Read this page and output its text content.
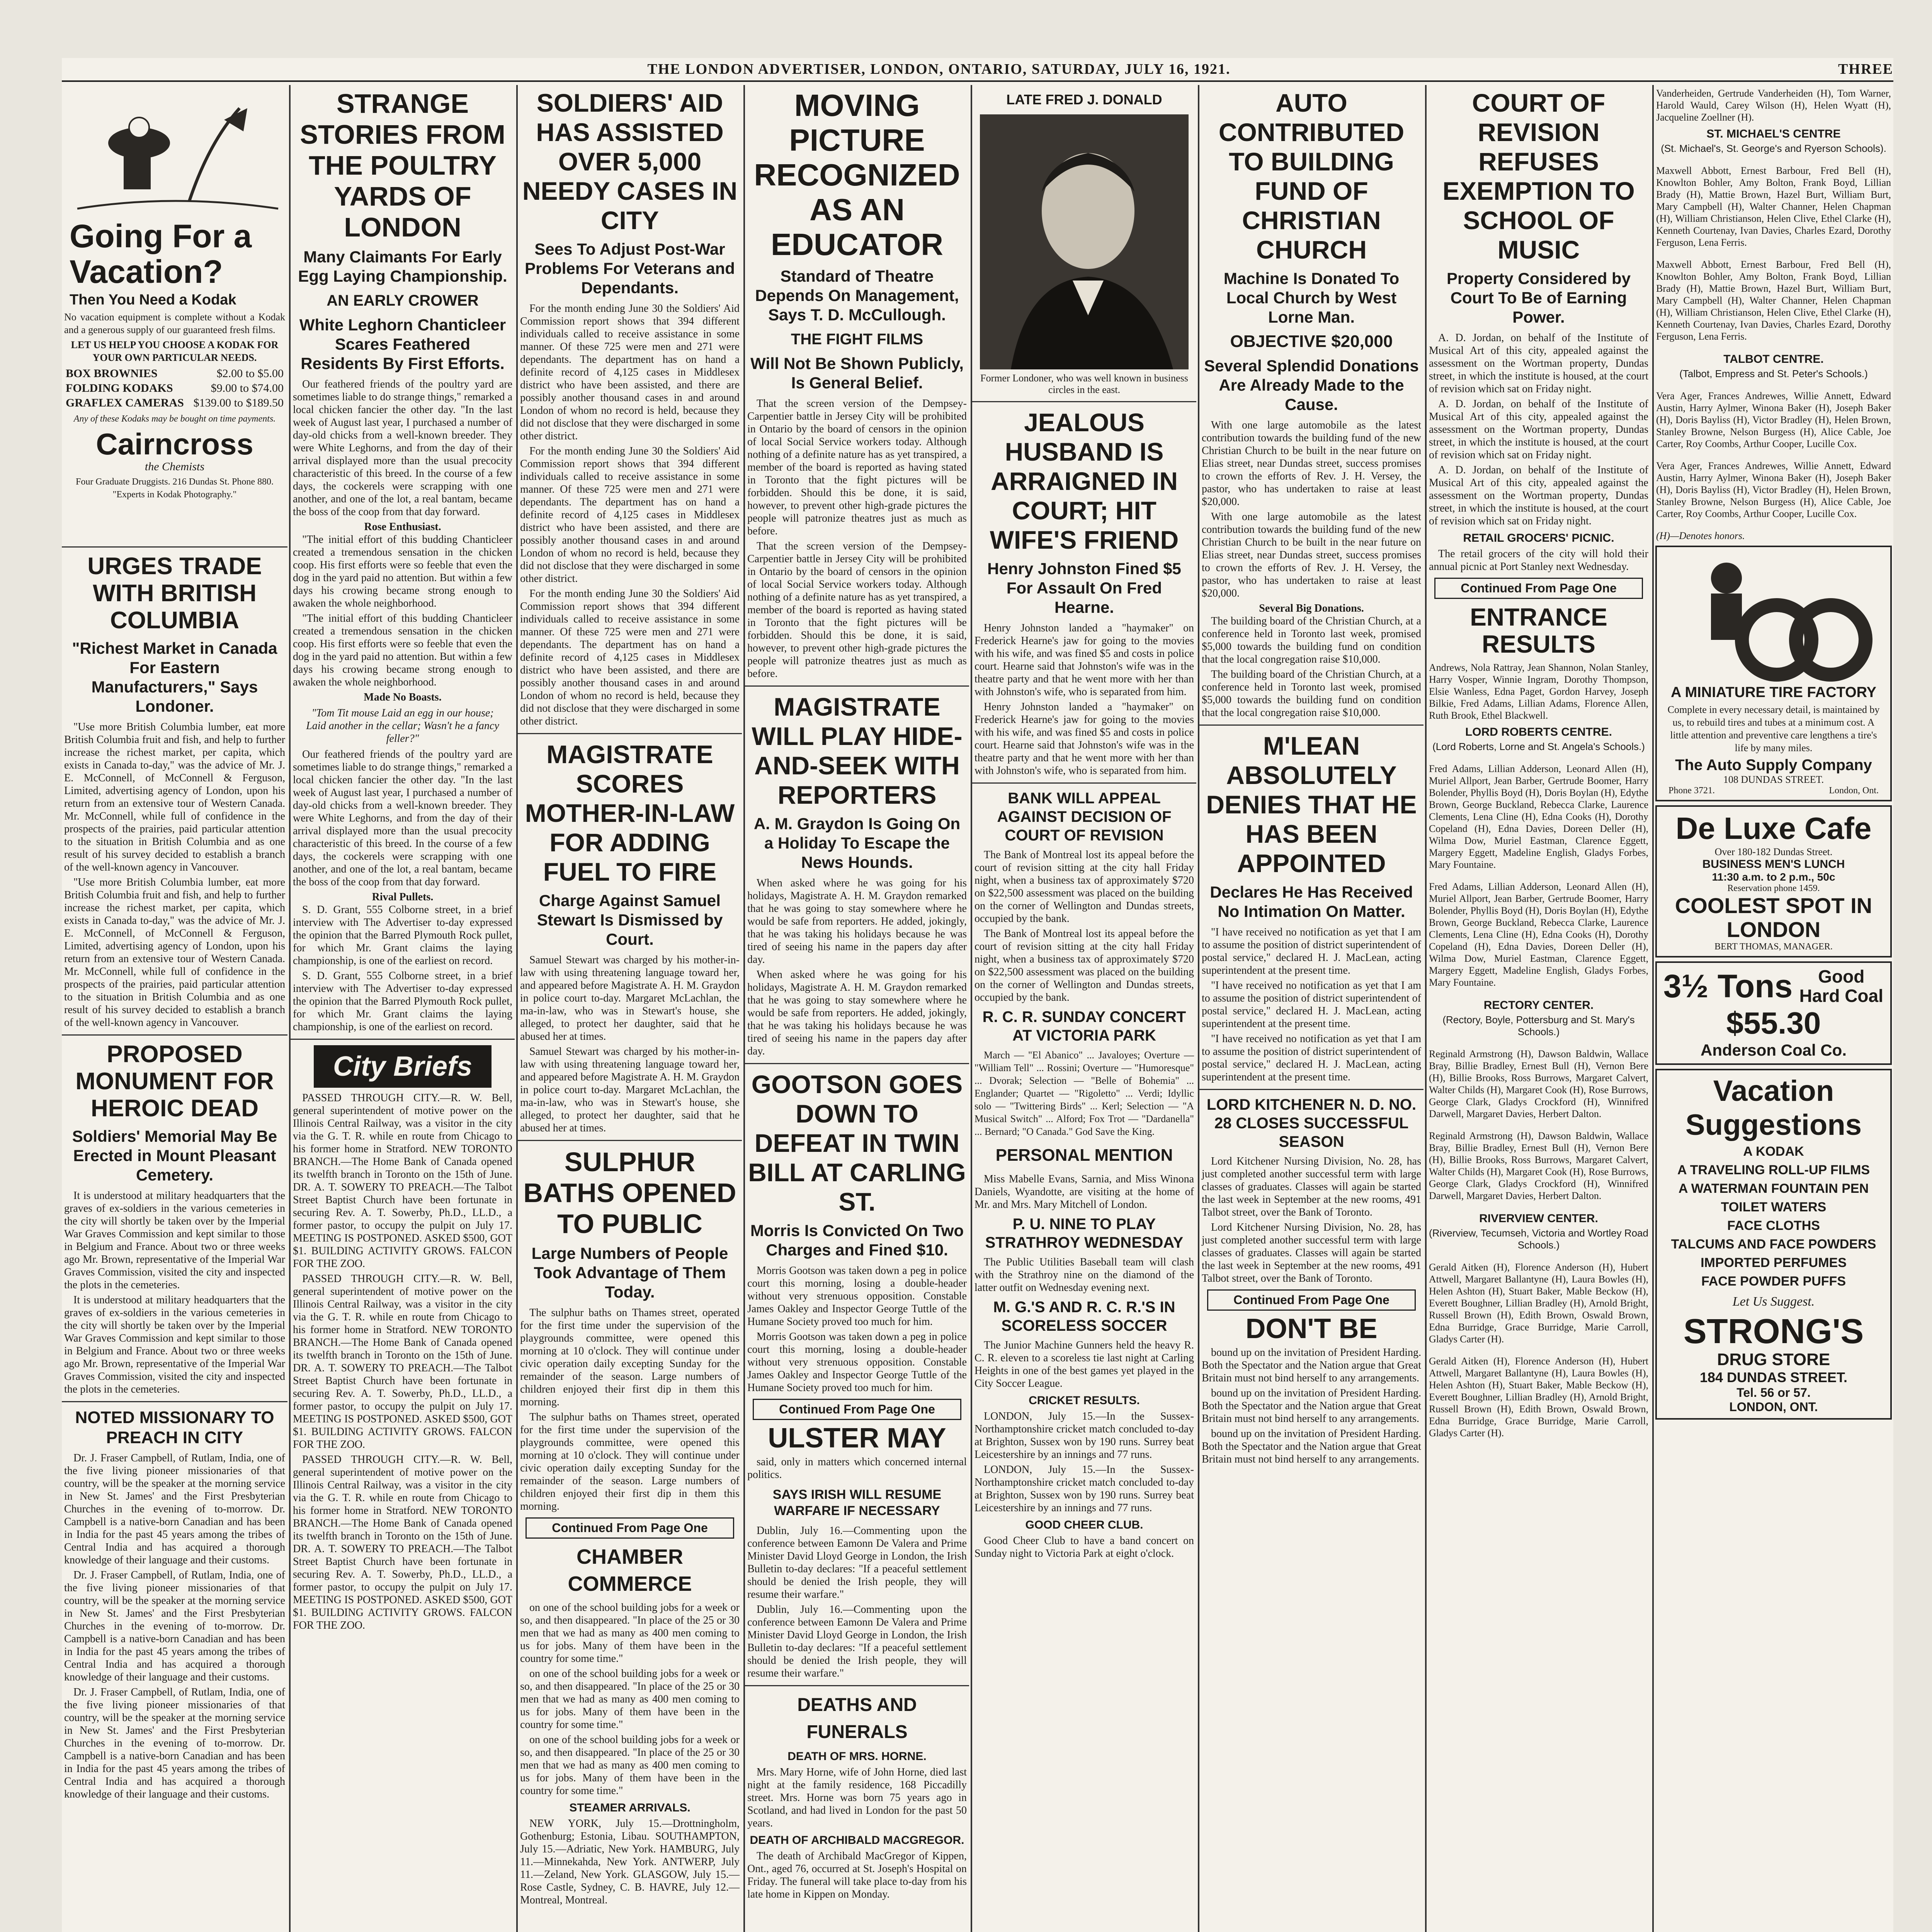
THE LONDON ADVERTISER, LONDON, ONTARIO, SATURDAY, JULY 16, 1921.	THREE
Going For a Vacation?
Then You Need a Kodak
No vacation equipment is complete without a Kodak and a generous supply of our guaranteed fresh films.
LET US HELP YOU CHOOSE A KODAK FOR YOUR OWN PARTICULAR NEEDS.
BOX BROWNIES	$2.00 to $5.00
FOLDING KODAKS	$9.00 to $74.00
GRAFLEX CAMERAS $139.00 to $189.50
Any of these Kodaks may be bought on time payments.
Cairncross
the Chemists
Four Graduate Druggists. 216 Dundas St. Phone 880. "Experts in Kodak Photography."
URGES TRADE WITH BRITISH COLUMBIA
"Richest Market in Canada For Eastern Manufacturers," Says Londoner.

"Use more British Columbia lumber, eat more British Columbia fruit and fish, and help to further increase the richest market, per capita, which exists in Canada to-day," was the advice of Mr. J. E. McConnell, of McConnell & Ferguson, Limited, advertising agency of London, upon his return from an extensive tour of Western Canada. Mr. McConnell, while full of confidence in the prospects of the prairies, paid particular attention to the situation in British Columbia and as one result of his survey decided to establish a branch of the well-known agency in Vancouver.

"Use more British Columbia lumber, eat more British Columbia fruit and fish, and help to further increase the richest market, per capita, which exists in Canada to-day," was the advice of Mr. J. E. McConnell, of McConnell & Ferguson, Limited, advertising agency of London, upon his return from an extensive tour of Western Canada. Mr. McConnell, while full of confidence in the prospects of the prairies, paid particular attention to the situation in British Columbia and as one result of his survey decided to establish a branch of the well-known agency in Vancouver.

PROPOSED MONUMENT FOR HEROIC DEAD
Soldiers' Memorial May Be Erected in Mount Pleasant Cemetery.

It is understood at military headquarters that the graves of ex-soldiers in the various cemeteries in the city will shortly be taken over by the Imperial War Graves Commission and kept similar to those in Belgium and France. About two or three weeks ago Mr. Brown, representative of the Imperial War Graves Commission, visited the city and inspected the plots in the cemeteries.

It is understood at military headquarters that the graves of ex-soldiers in the various cemeteries in the city will shortly be taken over by the Imperial War Graves Commission and kept similar to those in Belgium and France. About two or three weeks ago Mr. Brown, representative of the Imperial War Graves Commission, visited the city and inspected the plots in the cemeteries.

NOTED MISSIONARY TO PREACH IN CITY

Dr. J. Fraser Campbell, of Rutlam, India, one of the five living pioneer missionaries of that country, will be the speaker at the morning service in New St. James' and the First Presbyterian Churches in the evening of to-morrow. Dr. Campbell is a native-born Canadian and has been in India for the past 45 years among the tribes of Central India and has acquired a thorough knowledge of their language and their customs.

Dr. J. Fraser Campbell, of Rutlam, India, one of the five living pioneer missionaries of that country, will be the speaker at the morning service in New St. James' and the First Presbyterian Churches in the evening of to-morrow. Dr. Campbell is a native-born Canadian and has been in India for the past 45 years among the tribes of Central India and has acquired a thorough knowledge of their language and their customs.

Dr. J. Fraser Campbell, of Rutlam, India, one of the five living pioneer missionaries of that country, will be the speaker at the morning service in New St. James' and the First Presbyterian Churches in the evening of to-morrow. Dr. Campbell is a native-born Canadian and has been in India for the past 45 years among the tribes of Central India and has acquired a thorough knowledge of their language and their customs.

STRANGE STORIES FROM THE POULTRY YARDS OF LONDON
Many Claimants For Early Egg Laying Championship.
AN EARLY CROWER
White Leghorn Chanticleer Scares Feathered Residents By First Efforts.

Our feathered friends of the poultry yard are sometimes liable to do strange things," remarked a local chicken fancier the other day. "In the last week of August last year, I purchased a number of day-old chicks from a well-known breeder. They were White Leghorns, and from the day of their arrival displayed more than the usual precocity characteristic of this breed. In the course of a few days, the cockerels were scrapping with one another, and one of the lot, a real bantam, became the boss of the coop from that day forward.

Rose Enthusiast.

"The initial effort of this budding Chanticleer created a tremendous sensation in the chicken coop. His first efforts were so feeble that even the dog in the yard paid no attention. But within a few days his crowing became strong enough to awaken the whole neighborhood.

"The initial effort of this budding Chanticleer created a tremendous sensation in the chicken coop. His first efforts were so feeble that even the dog in the yard paid no attention. But within a few days his crowing became strong enough to awaken the whole neighborhood.

Made No Boasts.
"Tom Tit mouse Laid an egg in our house; Laid another in the cellar; Wasn't he a fancy feller?"

Our feathered friends of the poultry yard are sometimes liable to do strange things," remarked a local chicken fancier the other day. "In the last week of August last year, I purchased a number of day-old chicks from a well-known breeder. They were White Leghorns, and from the day of their arrival displayed more than the usual precocity characteristic of this breed. In the course of a few days, the cockerels were scrapping with one another, and one of the lot, a real bantam, became the boss of the coop from that day forward.

Rival Pullets.

S. D. Grant, 555 Colborne street, in a brief interview with The Advertiser to-day expressed the opinion that the Barred Plymouth Rock pullet, for which Mr. Grant claims the laying championship, is one of the earliest on record.

S. D. Grant, 555 Colborne street, in a brief interview with The Advertiser to-day expressed the opinion that the Barred Plymouth Rock pullet, for which Mr. Grant claims the laying championship, is one of the earliest on record.

City Briefs

PASSED THROUGH CITY.—R. W. Bell, general superintendent of motive power on the Illinois Central Railway, was a visitor in the city via the G. T. R. while en route from Chicago to his former home in Stratford. NEW TORONTO BRANCH.—The Home Bank of Canada opened its twelfth branch in Toronto on the 15th of June. DR. A. T. SOWERY TO PREACH.—The Talbot Street Baptist Church have been fortunate in securing Rev. A. T. Sowerby, Ph.D., LL.D., a former pastor, to occupy the pulpit on July 17. MEETING IS POSTPONED. ASKED $500, GOT $1. BUILDING ACTIVITY GROWS. FALCON FOR THE ZOO.

PASSED THROUGH CITY.—R. W. Bell, general superintendent of motive power on the Illinois Central Railway, was a visitor in the city via the G. T. R. while en route from Chicago to his former home in Stratford. NEW TORONTO BRANCH.—The Home Bank of Canada opened its twelfth branch in Toronto on the 15th of June. DR. A. T. SOWERY TO PREACH.—The Talbot Street Baptist Church have been fortunate in securing Rev. A. T. Sowerby, Ph.D., LL.D., a former pastor, to occupy the pulpit on July 17. MEETING IS POSTPONED. ASKED $500, GOT $1. BUILDING ACTIVITY GROWS. FALCON FOR THE ZOO.

PASSED THROUGH CITY.—R. W. Bell, general superintendent of motive power on the Illinois Central Railway, was a visitor in the city via the G. T. R. while en route from Chicago to his former home in Stratford. NEW TORONTO BRANCH.—The Home Bank of Canada opened its twelfth branch in Toronto on the 15th of June. DR. A. T. SOWERY TO PREACH.—The Talbot Street Baptist Church have been fortunate in securing Rev. A. T. Sowerby, Ph.D., LL.D., a former pastor, to occupy the pulpit on July 17. MEETING IS POSTPONED. ASKED $500, GOT $1. BUILDING ACTIVITY GROWS. FALCON FOR THE ZOO.

SOLDIERS' AID HAS ASSISTED OVER 5,000 NEEDY CASES IN CITY
Sees To Adjust Post-War Problems For Veterans and Dependants.

For the month ending June 30 the Soldiers' Aid Commission report shows that 394 different individuals called to receive assistance in some manner. Of these 725 were men and 271 were dependants. The department has on hand a definite record of 4,125 cases in Middlesex district who have been assisted, and there are possibly another thousand cases in and around London of whom no record is held, because they did not disclose that they were discharged in some other district.

For the month ending June 30 the Soldiers' Aid Commission report shows that 394 different individuals called to receive assistance in some manner. Of these 725 were men and 271 were dependants. The department has on hand a definite record of 4,125 cases in Middlesex district who have been assisted, and there are possibly another thousand cases in and around London of whom no record is held, because they did not disclose that they were discharged in some other district.

For the month ending June 30 the Soldiers' Aid Commission report shows that 394 different individuals called to receive assistance in some manner. Of these 725 were men and 271 were dependants. The department has on hand a definite record of 4,125 cases in Middlesex district who have been assisted, and there are possibly another thousand cases in and around London of whom no record is held, because they did not disclose that they were discharged in some other district.

MAGISTRATE SCORES MOTHER-IN-LAW FOR ADDING FUEL TO FIRE
Charge Against Samuel Stewart Is Dismissed by Court.

Samuel Stewart was charged by his mother-in-law with using threatening language toward her, and appeared before Magistrate A. H. M. Graydon in police court to-day. Margaret McLachlan, the ma-in-law, who was in Stewart's house, she alleged, to protect her daughter, said that he abused her at times.

Samuel Stewart was charged by his mother-in-law with using threatening language toward her, and appeared before Magistrate A. H. M. Graydon in police court to-day. Margaret McLachlan, the ma-in-law, who was in Stewart's house, she alleged, to protect her daughter, said that he abused her at times.

SULPHUR BATHS OPENED TO PUBLIC
Large Numbers of People Took Advantage of Them Today.

The sulphur baths on Thames street, operated for the first time under the supervision of the playgrounds committee, were opened this morning at 10 o'clock. They will continue under civic operation daily excepting Sunday for the remainder of the season. Large numbers of children enjoyed their first dip in them this morning.

The sulphur baths on Thames street, operated for the first time under the supervision of the playgrounds committee, were opened this morning at 10 o'clock. They will continue under civic operation daily excepting Sunday for the remainder of the season. Large numbers of children enjoyed their first dip in them this morning.

Continued From Page One
CHAMBER COMMERCE

on one of the school building jobs for a week or so, and then disappeared. "In place of the 25 or 30 men that we had as many as 400 men coming to us for jobs. Many of them have been in the country for some time."

on one of the school building jobs for a week or so, and then disappeared. "In place of the 25 or 30 men that we had as many as 400 men coming to us for jobs. Many of them have been in the country for some time."

on one of the school building jobs for a week or so, and then disappeared. "In place of the 25 or 30 men that we had as many as 400 men coming to us for jobs. Many of them have been in the country for some time."

STEAMER ARRIVALS.

NEW YORK, July 15.—Drottningholm, Gothenburg; Estonia, Libau. SOUTHAMPTON, July 15.—Adriatic, New York. HAMBURG, July 11.—Minnekahda, New York. ANTWERP, July 11.—Zeland, New York. GLASGOW, July 15.—Rose Castle, Sydney, C. B. HAVRE, July 12.—Montreal, Montreal.

MOVING PICTURE RECOGNIZED AS AN EDUCATOR
Standard of Theatre Depends On Management, Says T. D. McCullough.
THE FIGHT FILMS
Will Not Be Shown Publicly, Is General Belief.

That the screen version of the Dempsey-Carpentier battle in Jersey City will be prohibited in Ontario by the board of censors in the opinion of local Social Service workers today. Although nothing of a definite nature has as yet transpired, a member of the board is reported as having stated in Toronto that the fight pictures will be forbidden. Should this be done, it is said, however, to prevent other high-grade pictures the people will patronize theatres just as much as before.

That the screen version of the Dempsey-Carpentier battle in Jersey City will be prohibited in Ontario by the board of censors in the opinion of local Social Service workers today. Although nothing of a definite nature has as yet transpired, a member of the board is reported as having stated in Toronto that the fight pictures will be forbidden. Should this be done, it is said, however, to prevent other high-grade pictures the people will patronize theatres just as much as before.

MAGISTRATE WILL PLAY HIDE-AND-SEEK WITH REPORTERS
A. M. Graydon Is Going On a Holiday To Escape the News Hounds.

When asked where he was going for his holidays, Magistrate A. H. M. Graydon remarked that he was going to stay somewhere where he would be safe from reporters. He added, jokingly, that he was taking his holidays because he was tired of seeing his name in the papers day after day.

When asked where he was going for his holidays, Magistrate A. H. M. Graydon remarked that he was going to stay somewhere where he would be safe from reporters. He added, jokingly, that he was taking his holidays because he was tired of seeing his name in the papers day after day.

GOOTSON GOES DOWN TO DEFEAT IN TWIN BILL AT CARLING ST.
Morris Is Convicted On Two Charges and Fined $10.

Morris Gootson was taken down a peg in police court this morning, losing a double-header without very strenuous opposition. Constable James Oakley and Inspector George Tuttle of the Humane Society proved too much for him.

Morris Gootson was taken down a peg in police court this morning, losing a double-header without very strenuous opposition. Constable James Oakley and Inspector George Tuttle of the Humane Society proved too much for him.

Continued From Page One
ULSTER MAY

said, only in matters which concerned internal politics.

SAYS IRISH WILL RESUME WARFARE IF NECESSARY

Dublin, July 16.—Commenting upon the conference between Eamonn De Valera and Prime Minister David Lloyd George in London, the Irish Bulletin to-day declares: "If a peaceful settlement should be denied the Irish people, they will resume their warfare."

Dublin, July 16.—Commenting upon the conference between Eamonn De Valera and Prime Minister David Lloyd George in London, the Irish Bulletin to-day declares: "If a peaceful settlement should be denied the Irish people, they will resume their warfare."

DEATHS AND FUNERALS
DEATH OF MRS. HORNE.

Mrs. Mary Horne, wife of John Horne, died last night at the family residence, 168 Piccadilly street. Mrs. Horne was born 75 years ago in Scotland, and had lived in London for the past 50 years.

DEATH OF ARCHIBALD MACGREGOR.

The death of Archibald MacGregor of Kippen, Ont., aged 76, occurred at St. Joseph's Hospital on Friday. The funeral will take place to-day from his late home in Kippen on Monday.

LATE FRED J. DONALD
Former Londoner, who was well known in business circles in the east.
JEALOUS HUSBAND IS ARRAIGNED IN COURT; HIT WIFE'S FRIEND
Henry Johnston Fined $5 For Assault On Fred Hearne.

Henry Johnston landed a "haymaker" on Frederick Hearne's jaw for going to the movies with his wife, and was fined $5 and costs in police court. Hearne said that Johnston's wife was in the theatre party and that he went more with her than with Johnston's wife, who is separated from him.

Henry Johnston landed a "haymaker" on Frederick Hearne's jaw for going to the movies with his wife, and was fined $5 and costs in police court. Hearne said that Johnston's wife was in the theatre party and that he went more with her than with Johnston's wife, who is separated from him.

BANK WILL APPEAL AGAINST DECISION OF COURT OF REVISION

The Bank of Montreal lost its appeal before the court of revision sitting at the city hall Friday night, when a business tax of approximately $720 on $22,500 assessment was placed on the building on the corner of Wellington and Dundas streets, occupied by the bank.

The Bank of Montreal lost its appeal before the court of revision sitting at the city hall Friday night, when a business tax of approximately $720 on $22,500 assessment was placed on the building on the corner of Wellington and Dundas streets, occupied by the bank.

R. C. R. SUNDAY CONCERT AT VICTORIA PARK

March — "El Abanico" ... Javaloyes; Overture — "William Tell" ... Rossini; Overture — "Humoresque" ... Dvorak; Selection — "Belle of Bohemia" ... Englander; Quartet — "Rigoletto" ... Verdi; Idyllic solo — "Twittering Birds" ... Kerl; Selection — "A Musical Switch" ... Alford; Fox Trot — "Dardanella" ... Bernard; "O Canada." God Save the King.

PERSONAL MENTION

Miss Mabelle Evans, Sarnia, and Miss Winona Daniels, Wyandotte, are visiting at the home of Mr. and Mrs. Mary Mitchell of London.

P. U. NINE TO PLAY STRATHROY WEDNESDAY

The Public Utilities Baseball team will clash with the Strathroy nine on the diamond of the latter outfit on Wednesday evening next.

M. G.'S AND R. C. R.'S IN SCORELESS SOCCER

The Junior Machine Gunners held the heavy R. C. R. eleven to a scoreless tie last night at Carling Heights in one of the best games yet played in the City Soccer League.

CRICKET RESULTS.

LONDON, July 15.—In the Sussex-Northamptonshire cricket match concluded to-day at Brighton, Sussex won by 190 runs. Surrey beat Leicestershire by an innings and 77 runs.

LONDON, July 15.—In the Sussex-Northamptonshire cricket match concluded to-day at Brighton, Sussex won by 190 runs. Surrey beat Leicestershire by an innings and 77 runs.

GOOD CHEER CLUB.

Good Cheer Club to have a band concert on Sunday night to Victoria Park at eight o'clock.

AUTO CONTRIBUTED TO BUILDING FUND OF CHRISTIAN CHURCH
Machine Is Donated To Local Church by West Lorne Man.
OBJECTIVE $20,000
Several Splendid Donations Are Already Made to the Cause.

With one large automobile as the latest contribution towards the building fund of the new Christian Church to be built in the near future on Elias street, near Dundas street, success promises to crown the efforts of Rev. J. H. Versey, the pastor, who has undertaken to raise at least $20,000.

With one large automobile as the latest contribution towards the building fund of the new Christian Church to be built in the near future on Elias street, near Dundas street, success promises to crown the efforts of Rev. J. H. Versey, the pastor, who has undertaken to raise at least $20,000.

Several Big Donations.

The building board of the Christian Church, at a conference held in Toronto last week, promised $5,000 towards the building fund on condition that the local congregation raise $10,000.

The building board of the Christian Church, at a conference held in Toronto last week, promised $5,000 towards the building fund on condition that the local congregation raise $10,000.

M'LEAN ABSOLUTELY DENIES THAT HE HAS BEEN APPOINTED
Declares He Has Received No Intimation On Matter.

"I have received no notification as yet that I am to assume the position of district superintendent of postal service," declared H. J. MacLean, acting superintendent at the present time.

"I have received no notification as yet that I am to assume the position of district superintendent of postal service," declared H. J. MacLean, acting superintendent at the present time.

"I have received no notification as yet that I am to assume the position of district superintendent of postal service," declared H. J. MacLean, acting superintendent at the present time.

LORD KITCHENER N. D. NO. 28 CLOSES SUCCESSFUL SEASON

Lord Kitchener Nursing Division, No. 28, has just completed another successful term with large classes of graduates. Classes will again be started the last week in September at the new rooms, 491 Talbot street, over the Bank of Toronto.

Lord Kitchener Nursing Division, No. 28, has just completed another successful term with large classes of graduates. Classes will again be started the last week in September at the new rooms, 491 Talbot street, over the Bank of Toronto.

Continued From Page One
DON'T BE

bound up on the invitation of President Harding. Both the Spectator and the Nation argue that Great Britain must not bind herself to any arrangements.

bound up on the invitation of President Harding. Both the Spectator and the Nation argue that Great Britain must not bind herself to any arrangements.

bound up on the invitation of President Harding. Both the Spectator and the Nation argue that Great Britain must not bind herself to any arrangements.

COURT OF REVISION REFUSES EXEMPTION TO SCHOOL OF MUSIC
Property Considered by Court To Be of Earning Power.

A. D. Jordan, on behalf of the Institute of Musical Art of this city, appealed against the assessment on the Wortman property, Dundas street, in which the institute is housed, at the court of revision which sat on Friday night.

A. D. Jordan, on behalf of the Institute of Musical Art of this city, appealed against the assessment on the Wortman property, Dundas street, in which the institute is housed, at the court of revision which sat on Friday night.

A. D. Jordan, on behalf of the Institute of Musical Art of this city, appealed against the assessment on the Wortman property, Dundas street, in which the institute is housed, at the court of revision which sat on Friday night.

RETAIL GROCERS' PICNIC.

The retail grocers of the city will hold their annual picnic at Port Stanley next Wednesday.

Continued From Page One
ENTRANCE RESULTS
Andrews, Nola Rattray, Jean Shannon, Nolan Stanley, Harry Vosper, Winnie Ingram, Dorothy Thompson, Elsie Wanless, Edna Paget, Gordon Harvey, Joseph Bilkie, Fred Adams, Lillian Adams, Florence Allen, Ruth Brook, Ethel Blackwell.
LORD ROBERTS CENTRE.
(Lord Roberts, Lorne and St. Angela's Schools.)

Fred Adams, Lillian Adderson, Leonard Allen (H), Muriel Allport, Jean Barber, Gertrude Boomer, Harry Bolender, Phyllis Boyd (H), Doris Boylan (H), Edythe Brown, George Buckland, Rebecca Clarke, Laurence Clements, Lena Cline (H), Edna Cooks (H), Dorothy Copeland (H), Edna Davies, Doreen Deller (H), Wilma Dow, Muriel Eastman, Clarence Eggett, Margery Eggett, Madeline English, Gladys Forbes, Mary Fountaine.

Fred Adams, Lillian Adderson, Leonard Allen (H), Muriel Allport, Jean Barber, Gertrude Boomer, Harry Bolender, Phyllis Boyd (H), Doris Boylan (H), Edythe Brown, George Buckland, Rebecca Clarke, Laurence Clements, Lena Cline (H), Edna Cooks (H), Dorothy Copeland (H), Edna Davies, Doreen Deller (H), Wilma Dow, Muriel Eastman, Clarence Eggett, Margery Eggett, Madeline English, Gladys Forbes, Mary Fountaine.

RECTORY CENTER.
(Rectory, Boyle, Pottersburg and St. Mary's Schools.)

Reginald Armstrong (H), Dawson Baldwin, Wallace Bray, Billie Bradley, Ernest Bull (H), Vernon Bere (H), Billie Brooks, Ross Burrows, Margaret Calvert, Walter Childs (H), Margaret Cook (H), Rose Burrows, George Clark, Gladys Crockford (H), Winnifred Darwell, Margaret Davies, Herbert Dalton.

Reginald Armstrong (H), Dawson Baldwin, Wallace Bray, Billie Bradley, Ernest Bull (H), Vernon Bere (H), Billie Brooks, Ross Burrows, Margaret Calvert, Walter Childs (H), Margaret Cook (H), Rose Burrows, George Clark, Gladys Crockford (H), Winnifred Darwell, Margaret Davies, Herbert Dalton.

RIVERVIEW CENTER.
(Riverview, Tecumseh, Victoria and Wortley Road Schools.)

Gerald Aitken (H), Florence Anderson (H), Hubert Attwell, Margaret Ballantyne (H), Laura Bowles (H), Helen Ashton (H), Stuart Baker, Mable Beckow (H), Everett Boughner, Lillian Bradley (H), Arnold Bright, Russell Brown (H), Edith Brown, Oswald Brown, Edna Burridge, Grace Burridge, Marie Carroll, Gladys Carter (H).

Gerald Aitken (H), Florence Anderson (H), Hubert Attwell, Margaret Ballantyne (H), Laura Bowles (H), Helen Ashton (H), Stuart Baker, Mable Beckow (H), Everett Boughner, Lillian Bradley (H), Arnold Bright, Russell Brown (H), Edith Brown, Oswald Brown, Edna Burridge, Grace Burridge, Marie Carroll, Gladys Carter (H).

Vanderheiden, Gertrude Vanderheiden (H), Tom Warner, Harold Wauld, Carey Wilson (H), Helen Wyatt (H), Jacqueline Zoellner (H).
ST. MICHAEL'S CENTRE
(St. Michael's, St. George's and Ryerson Schools).

Maxwell Abbott, Ernest Barbour, Fred Bell (H), Knowlton Bohler, Amy Bolton, Frank Boyd, Lillian Brady (H), Mattie Brown, Hazel Burt, William Burt, Mary Campbell (H), Walter Channer, Helen Chapman (H), William Christianson, Helen Clive, Ethel Clarke (H), Kenneth Courtenay, Ivan Davies, Charles Ezard, Dorothy Ferguson, Lena Ferris.

Maxwell Abbott, Ernest Barbour, Fred Bell (H), Knowlton Bohler, Amy Bolton, Frank Boyd, Lillian Brady (H), Mattie Brown, Hazel Burt, William Burt, Mary Campbell (H), Walter Channer, Helen Chapman (H), William Christianson, Helen Clive, Ethel Clarke (H), Kenneth Courtenay, Ivan Davies, Charles Ezard, Dorothy Ferguson, Lena Ferris.

TALBOT CENTRE.
(Talbot, Empress and St. Peter's Schools.)

Vera Ager, Frances Andrewes, Willie Annett, Edward Austin, Harry Aylmer, Winona Baker (H), Joseph Baker (H), Doris Bayliss (H), Victor Bradley (H), Helen Brown, Stanley Browne, Nelson Burgess (H), Alice Cable, Joe Carter, Roy Coombs, Arthur Cooper, Lucille Cox.

Vera Ager, Frances Andrewes, Willie Annett, Edward Austin, Harry Aylmer, Winona Baker (H), Joseph Baker (H), Doris Bayliss (H), Victor Bradley (H), Helen Brown, Stanley Browne, Nelson Burgess (H), Alice Cable, Joe Carter, Roy Coombs, Arthur Cooper, Lucille Cox.

(H)—Denotes honors.
A MINIATURE TIRE FACTORY
Complete in every necessary detail, is maintained by us, to rebuild tires and tubes at a minimum cost. A little attention and preventive care lengthens a tire's life by many miles.
The Auto Supply Company
108 DUNDAS STREET.
Phone 3721.	London, Ont.
De Luxe Cafe
Over 180-182 Dundas Street.
BUSINESS MEN'S LUNCH
11:30 a.m. to 2 p.m., 50c
Reservation phone 1459.
COOLEST SPOT IN LONDON
BERT THOMAS, MANAGER.
3½ Tons	Good Hard Coal
$55.30
Anderson Coal Co.
Vacation Suggestions
A KODAK
A TRAVELING ROLL-UP FILMS
A WATERMAN FOUNTAIN PEN
TOILET WATERS
FACE CLOTHS
TALCUMS AND FACE POWDERS
IMPORTED PERFUMES
FACE POWDER PUFFS
Let Us Suggest.
STRONG'S
DRUG STORE
184 DUNDAS STREET.
Tel. 56 or 57.
LONDON, ONT.
